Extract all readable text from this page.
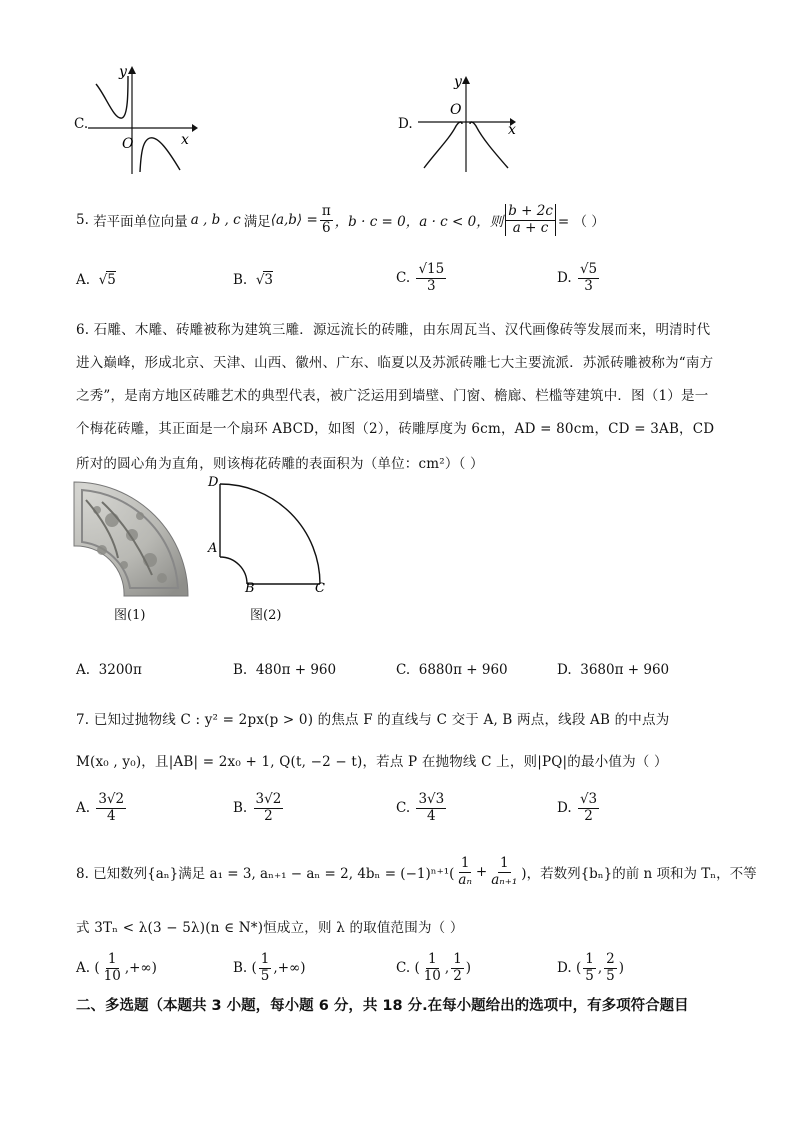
C.
y
x
O
D.
y
x
O
5.
若平面单位向量 a , b , c 满足 ⟨a,b⟩ = $\frac{\pi}{6}$ ，b · c = 0，a · c < 0，则 $\frac{b + 2c}{a + c}$ = （ ）
A. √5	B. √3	C.
$\frac{√15}{3}$	D.
$\frac{√5}{3}$
6. 石雕、木雕、砖雕被称为建筑三雕．源远流长的砖雕，由东周瓦当、汉代画像砖等发展而来，明清时代
进入巅峰，形成北京、天津、山西、徽州、广东、临夏以及苏派砖雕七大主要流派．苏派砖雕被称为“南方
之秀”，是南方地区砖雕艺术的典型代表，被广泛运用到墙壁、门窗、檐廊、栏槛等建筑中．图（1）是一
个梅花砖雕，其正面是一个扇环 ABCD，如图（2），砖雕厚度为 6cm，AD = 80cm，CD = 3AB，CD
所对的圆心角为直角，则该梅花砖雕的表面积为（单位：cm²）（ ）
图(1)
D
A
B	C
图(2)
A. 3200π	B. 480π + 960	C. 6880π + 960	D. 3680π + 960
7. 已知过抛物线 C : y² = 2px(p > 0) 的焦点 F 的直线与 C 交于 A, B 两点，线段 AB 的中点为
M(x₀ , y₀)，且|AB| = 2x₀ + 1, Q(t, −2 − t)，若点 P 在抛物线 C 上，则|PQ|的最小值为（ ）
A.
$\frac{3√2}{4}$	B.
$\frac{3√2}{2}$	C.
$\frac{3√3}{4}$	D.
$\frac{√3}{2}$
8. 已知数列{aₙ}满足 a₁ = 3, aₙ₊₁ − aₙ = 2, $4b_n = (-1)^{n+1}( \frac{1}{\text{aₙ}} + \frac{1}{\text{aₙ₊₁}}$ )，若数列{bₙ}的前 n 项和为 Tₙ，不等
式 3Tₙ < λ(3 − 5λ)(n ∈ N*)恒成立，则 λ 的取值范围为（ ）
A.
( $\frac{1}{10}$ , +∞)	B.
( $\frac{1}{5}$ , +∞)	C.
( $\frac{1}{10}$ , $\frac{1}{2}$ )	D.
( $\frac{1}{5}$ , $\frac{2}{5}$ )
二、多选题（本题共 3 小题，每小题 6 分，共 18 分.在每小题给出的选项中，有多项符合题目
